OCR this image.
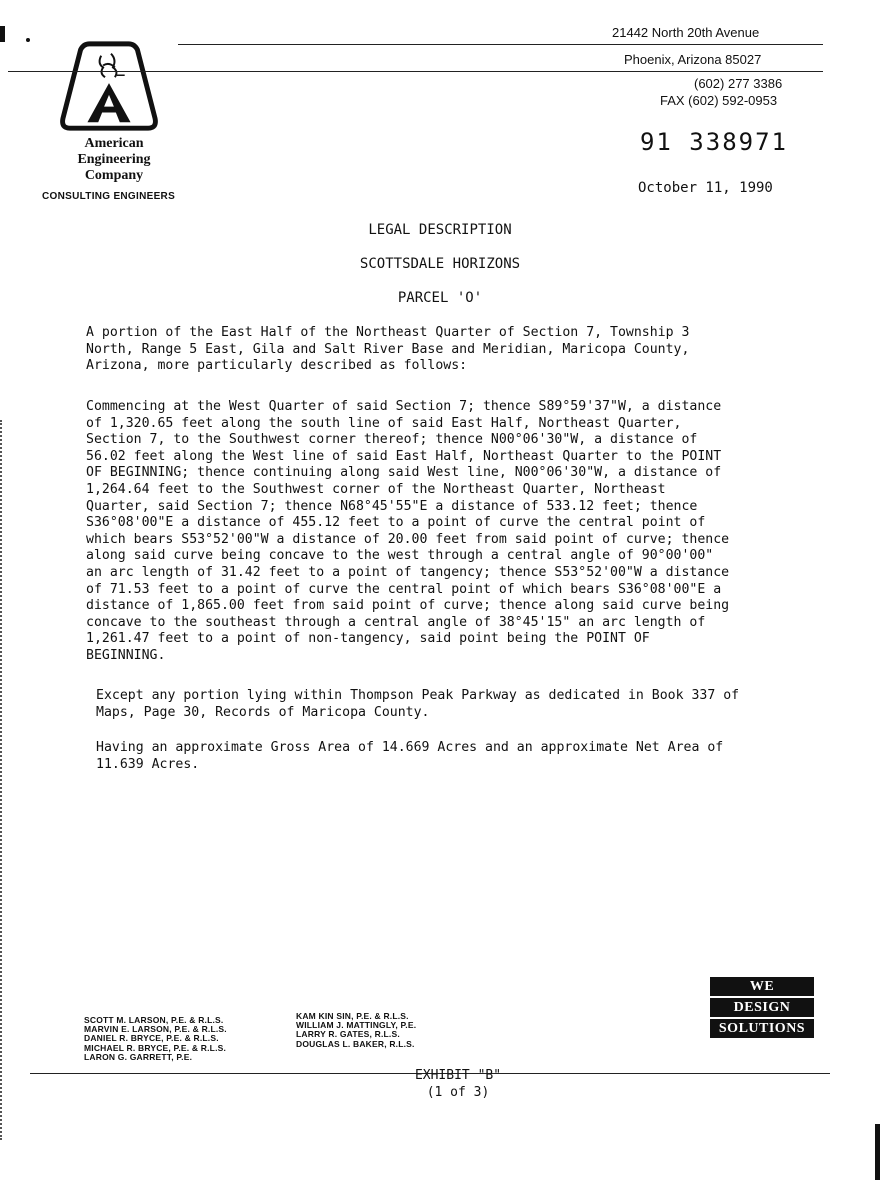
American
Engineering
Company
CONSULTING ENGINEERS
21442 North 20th Avenue
Phoenix, Arizona 85027
(602) 277 3386
FAX (602) 592-0953
91 338971
October 11, 1990
LEGAL DESCRIPTION
SCOTTSDALE HORIZONS
PARCEL 'O'
A portion of the East Half of the Northeast Quarter of Section 7, Township 3
North, Range 5 East, Gila and Salt River Base and Meridian, Maricopa County,
Arizona, more particularly described as follows:
Commencing at the West Quarter of said Section 7; thence S89°59'37"W, a distance
of 1,320.65 feet along the south line of said East Half, Northeast Quarter,
Section 7, to the Southwest corner thereof; thence N00°06'30"W, a distance of
56.02 feet along the West line of said East Half, Northeast Quarter to the POINT
OF BEGINNING; thence continuing along said West line, N00°06'30"W, a distance of
1,264.64 feet to the Southwest corner of the Northeast Quarter, Northeast
Quarter, said Section 7; thence N68°45'55"E a distance of 533.12 feet; thence
S36°08'00"E a distance of 455.12 feet to a point of curve the central point of
which bears S53°52'00"W a distance of 20.00 feet from said point of curve; thence
along said curve being concave to the west through a central angle of 90°00'00"
an arc length of 31.42 feet to a point of tangency; thence S53°52'00"W a distance
of 71.53 feet to a point of curve the central point of which bears S36°08'00"E a
distance of 1,865.00 feet from said point of curve; thence along said curve being
concave to the southeast through a central angle of 38°45'15" an arc length of
1,261.47 feet to a point of non-tangency, said point being the POINT OF
BEGINNING.
Except any portion lying within Thompson Peak Parkway as dedicated in Book 337 of
Maps, Page 30, Records of Maricopa County.
Having an approximate Gross Area of 14.669 Acres and an approximate Net Area of
11.639 Acres.
SCOTT M. LARSON, P.E. & R.L.S.
MARVIN E. LARSON, P.E. & R.L.S.
DANIEL R. BRYCE, P.E. & R.L.S.
MICHAEL R. BRYCE, P.E. & R.L.S.
LARON G. GARRETT, P.E.
KAM KIN SIN, P.E. & R.L.S.
WILLIAM J. MATTINGLY, P.E.
LARRY R. GATES, R.L.S.
DOUGLAS L. BAKER, R.L.S.
WE
DESIGN
SOLUTIONS
EXHIBIT "B"
(1 of 3)
